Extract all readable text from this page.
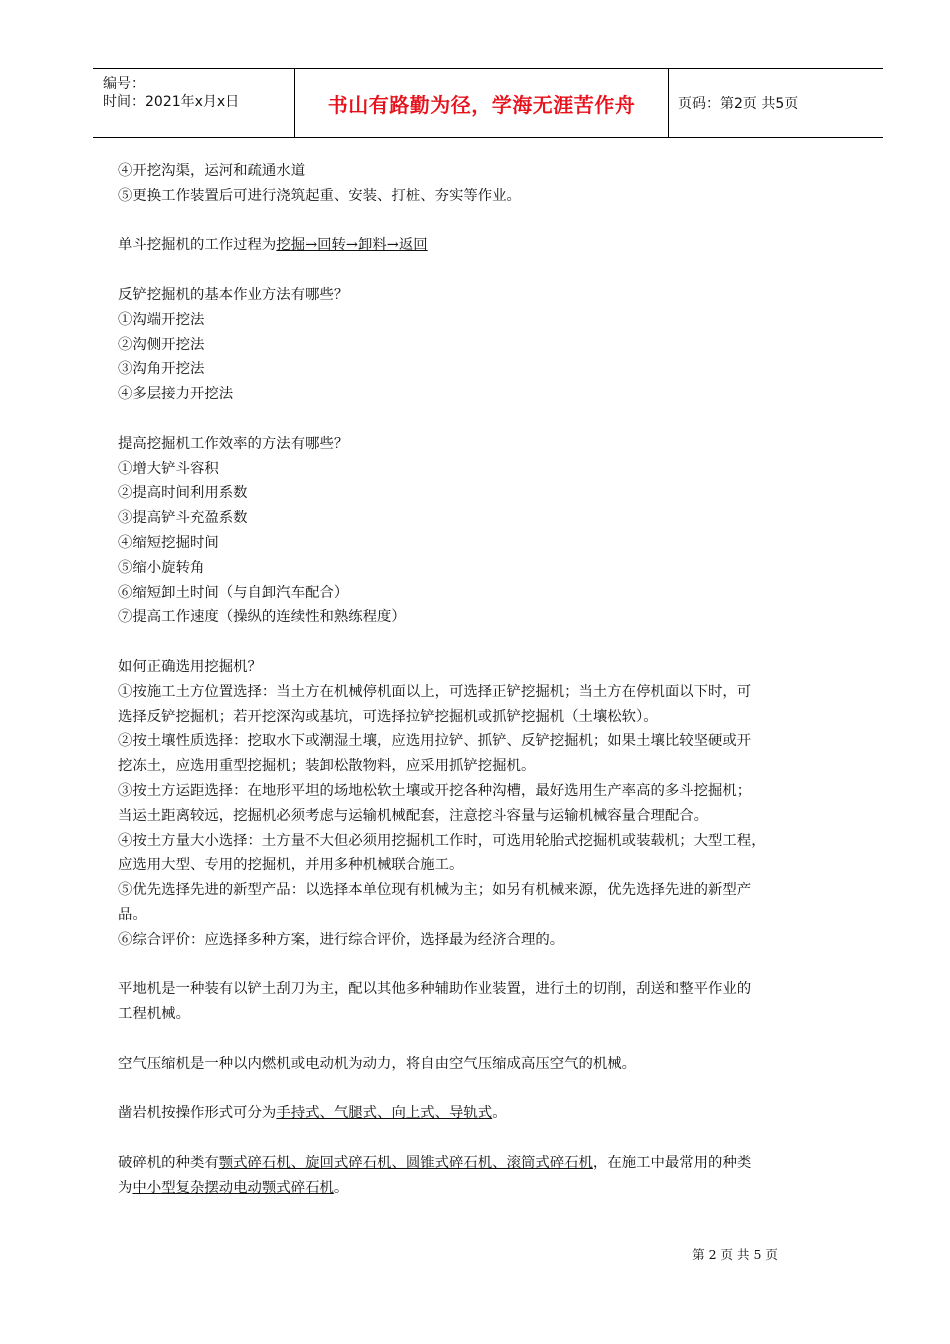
编号：
时间：2021年x月x日	书山有路勤为径，学海无涯苦作舟	页码：第2页 共5页

④开挖沟渠，运河和疏通水道

⑤更换工作装置后可进行浇筑起重、安装、打桩、夯实等作业。

单斗挖掘机的工作过程为挖掘→回转→卸料→返回

反铲挖掘机的基本作业方法有哪些？

①沟端开挖法

②沟侧开挖法

③沟角开挖法

④多层接力开挖法

提高挖掘机工作效率的方法有哪些？

①增大铲斗容积

②提高时间利用系数

③提高铲斗充盈系数

④缩短挖掘时间

⑤缩小旋转角

⑥缩短卸土时间（与自卸汽车配合）

⑦提高工作速度（操纵的连续性和熟练程度）

如何正确选用挖掘机？

①按施工土方位置选择：当土方在机械停机面以上，可选择正铲挖掘机；当土方在停机面以下时，可

选择反铲挖掘机；若开挖深沟或基坑，可选择拉铲挖掘机或抓铲挖掘机（土壤松软）。

②按土壤性质选择：挖取水下或潮湿土壤，应选用拉铲、抓铲、反铲挖掘机；如果土壤比较坚硬或开

挖冻土，应选用重型挖掘机；装卸松散物料，应采用抓铲挖掘机。

③按土方运距选择：在地形平坦的场地松软土壤或开挖各种沟槽，最好选用生产率高的多斗挖掘机；

当运土距离较远，挖掘机必须考虑与运输机械配套，注意挖斗容量与运输机械容量合理配合。

④按土方量大小选择：土方量不大但必须用挖掘机工作时，可选用轮胎式挖掘机或装载机；大型工程，

应选用大型、专用的挖掘机，并用多种机械联合施工。

⑤优先选择先进的新型产品：以选择本单位现有机械为主；如另有机械来源，优先选择先进的新型产

品。

⑥综合评价：应选择多种方案，进行综合评价，选择最为经济合理的。

平地机是一种装有以铲土刮刀为主，配以其他多种辅助作业装置，进行土的切削，刮送和整平作业的

工程机械。

空气压缩机是一种以内燃机或电动机为动力，将自由空气压缩成高压空气的机械。

凿岩机按操作形式可分为手持式、气腿式、向上式、导轨式。

破碎机的种类有颚式碎石机、旋回式碎石机、圆锥式碎石机、滚筒式碎石机，在施工中最常用的种类

为中小型复杂摆动电动颚式碎石机。

第 2 页 共 5 页
